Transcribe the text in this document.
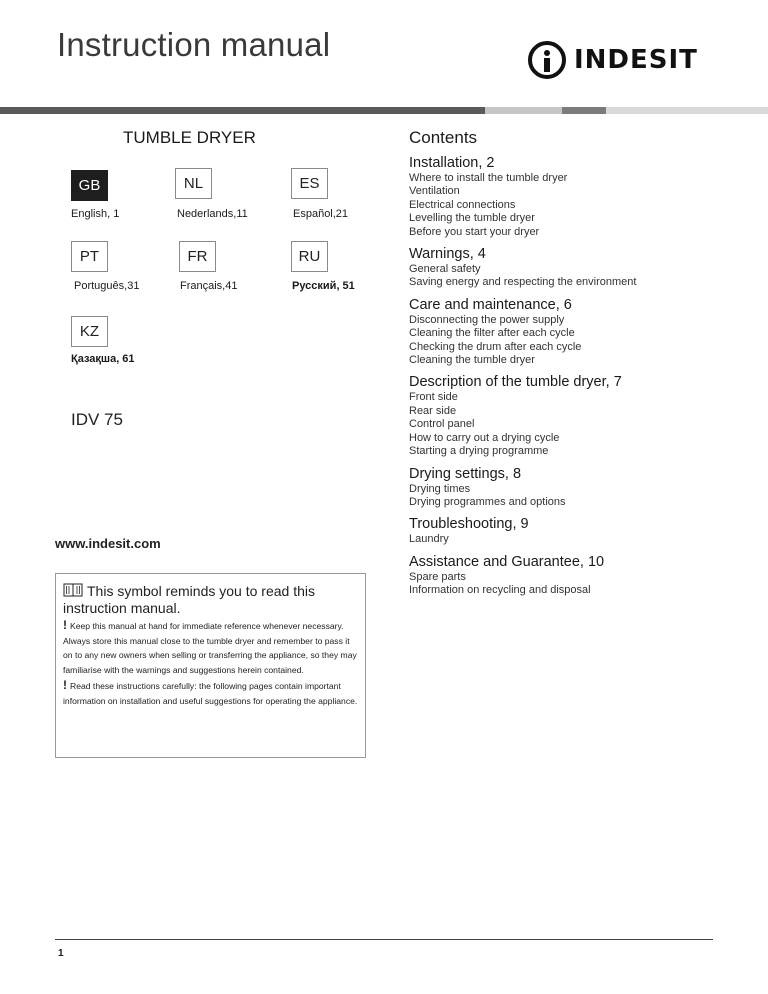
Instruction manual	INDESIT
TUMBLE DRYER
GB
English, 1
NL
Nederlands,11
ES
Español,21
PT
Português,31
FR
Français,41
RU
Русский, 51
KZ
Қазақша, 61
IDV 75
www.indesit.com
This symbol reminds you to read this instruction manual.
! Keep this manual at hand for immediate reference whenever necessary. Always store this manual close to the tumble dryer and remember to pass it on to any new owners when selling or transferring the appliance, so they may familiarise with the warnings and suggestions herein contained.
! Read these instructions carefully: the following pages contain important information on installation and useful suggestions for operating the appliance.
Contents
Installation, 2
Where to install the tumble dryer
Ventilation
Electrical connections
Levelling the tumble dryer
Before you start your dryer
Warnings, 4
General safety
Saving energy and respecting the environment
Care and maintenance, 6
Disconnecting the power supply
Cleaning the filter after each cycle
Checking the drum after each cycle
Cleaning the tumble dryer
Description of the tumble dryer, 7
Front side
Rear side
Control panel
How to carry out a drying cycle
Starting a drying programme
Drying settings, 8
Drying times
Drying programmes and options
Troubleshooting, 9
Laundry
Assistance and Guarantee, 10
Spare parts
Information on recycling and disposal
1
